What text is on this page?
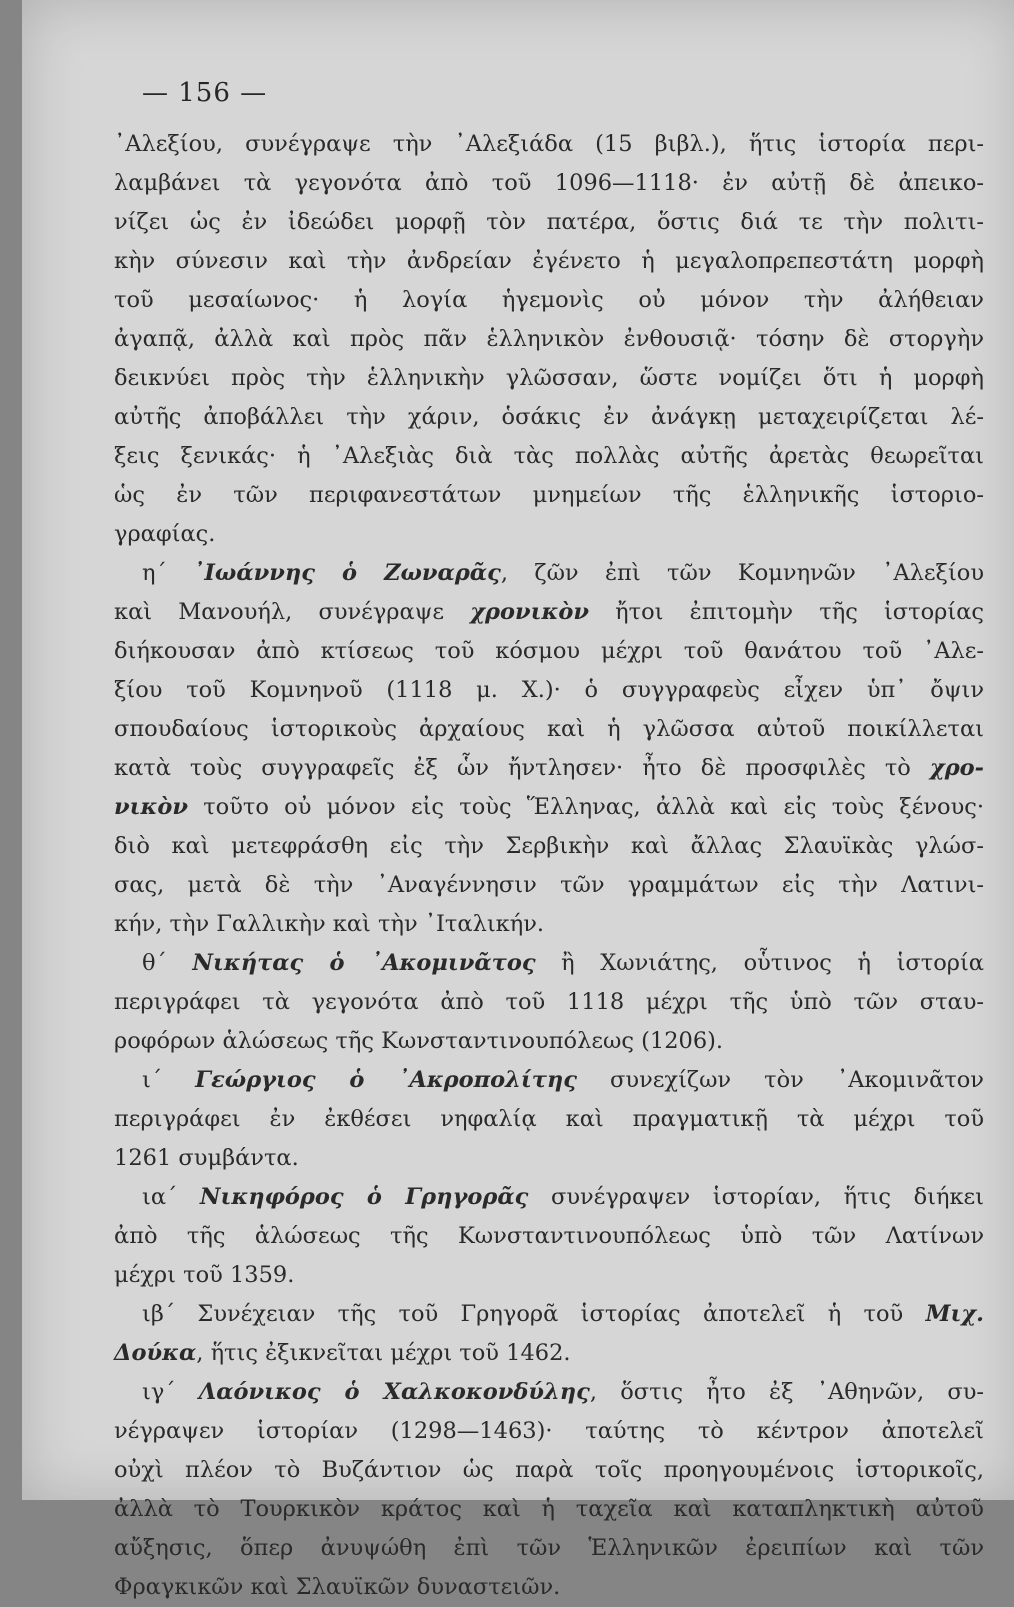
— 156 —
᾿Αλεξίου, συνέγραψε τὴν ᾿Αλεξιάδα (15 βιβλ.), ἥτις ἱστορία περι-
λαμβάνει τὰ γεγονότα ἀπὸ τοῦ 1096—1118· ἐν αὐτῇ δὲ ἀπεικο-
νίζει ὡς ἐν ἰδεώδει μορφῇ τὸν πατέρα, ὅστις διά τε τὴν πολιτι-
κὴν σύνεσιν καὶ τὴν ἀνδρείαν ἐγένετο ἡ μεγαλοπρεπεστάτη μορφὴ
τοῦ μεσαίωνος· ἡ λογία ἡγεμονὶς οὐ μόνον τὴν ἀλήθειαν
ἀγαπᾷ, ἀλλὰ καὶ πρὸς πᾶν ἑλληνικὸν ἐνθουσιᾷ· τόσην δὲ στοργὴν
δεικνύει πρὸς τὴν ἑλληνικὴν γλῶσσαν, ὥστε νομίζει ὅτι ἡ μορφὴ
αὐτῆς ἀποβάλλει τὴν χάριν, ὁσάκις ἐν ἀνάγκῃ μεταχειρίζεται λέ-
ξεις ξενικάς· ἡ ᾿Αλεξιὰς διὰ τὰς πολλὰς αὐτῆς ἀρετὰς θεωρεῖται
ὡς ἐν τῶν περιφανεστάτων μνημείων τῆς ἑλληνικῆς ἱστοριο-
γραφίας.
η´ ᾿Ιωάννης ὁ Ζωναρᾶς, ζῶν ἐπὶ τῶν Κομνηνῶν ᾿Αλεξίου
καὶ Μανουήλ, συνέγραψε χρονικὸν ἤτοι ἐπιτομὴν τῆς ἱστορίας
διήκουσαν ἀπὸ κτίσεως τοῦ κόσμου μέχρι τοῦ θανάτου τοῦ ᾿Αλε-
ξίου τοῦ Κομνηνοῦ (1118 μ. Χ.)· ὁ συγγραφεὺς εἶχεν ὑπ᾿ ὄψιν
σπουδαίους ἱστορικοὺς ἀρχαίους καὶ ἡ γλῶσσα αὐτοῦ ποικίλλεται
κατὰ τοὺς συγγραφεῖς ἐξ ὧν ἤντλησεν· ἦτο δὲ προσφιλὲς τὸ χρο-
νικὸν τοῦτο οὐ μόνον εἰς τοὺς Ἕλληνας, ἀλλὰ καὶ εἰς τοὺς ξένους·
διὸ καὶ μετεφράσθη εἰς τὴν Σερβικὴν καὶ ἄλλας Σλαυϊκὰς γλώσ-
σας, μετὰ δὲ τὴν ᾿Αναγέννησιν τῶν γραμμάτων εἰς τὴν Λατινι-
κήν, τὴν Γαλλικὴν καὶ τὴν ᾿Ιταλικήν.
θ´ Νικήτας ὁ ᾿Ακομινᾶτος ἢ Χωνιάτης, οὗτινος ἡ ἱστορία
περιγράφει τὰ γεγονότα ἀπὸ τοῦ 1118 μέχρι τῆς ὑπὸ τῶν σταυ-
ροφόρων ἁλώσεως τῆς Κωνσταντινουπόλεως (1206).
ι´ Γεώργιος ὁ ᾿Ακροπολίτης συνεχίζων τὸν ᾿Ακομινᾶτον
περιγράφει ἐν ἐκθέσει νηφαλίᾳ καὶ πραγματικῇ τὰ μέχρι τοῦ
1261 συμβάντα.
ια´ Νικηφόρος ὁ Γρηγορᾶς συνέγραψεν ἱστορίαν, ἥτις διήκει
ἀπὸ τῆς ἁλώσεως τῆς Κωνσταντινουπόλεως ὑπὸ τῶν Λατίνων
μέχρι τοῦ 1359.
ιβ´ Συνέχειαν τῆς τοῦ Γρηγορᾶ ἱστορίας ἀποτελεῖ ἡ τοῦ Μιχ.
Δούκα, ἥτις ἐξικνεῖται μέχρι τοῦ 1462.
ιγ´ Λαόνικος ὁ Χαλκοκονδύλης, ὅστις ἦτο ἐξ ᾿Αθηνῶν, συ-
νέγραψεν ἱστορίαν (1298—1463)· ταύτης τὸ κέντρον ἀποτελεῖ
οὐχὶ πλέον τὸ Βυζάντιον ὡς παρὰ τοῖς προηγουμένοις ἱστορικοῖς,
ἀλλὰ τὸ Τουρκικὸν κράτος καὶ ἡ ταχεῖα καὶ καταπληκτικὴ αὐτοῦ
αὔξησις, ὅπερ ἀνυψώθη ἐπὶ τῶν Ἑλληνικῶν ἐρειπίων καὶ τῶν
Φραγκικῶν καὶ Σλαυϊκῶν δυναστειῶν.
